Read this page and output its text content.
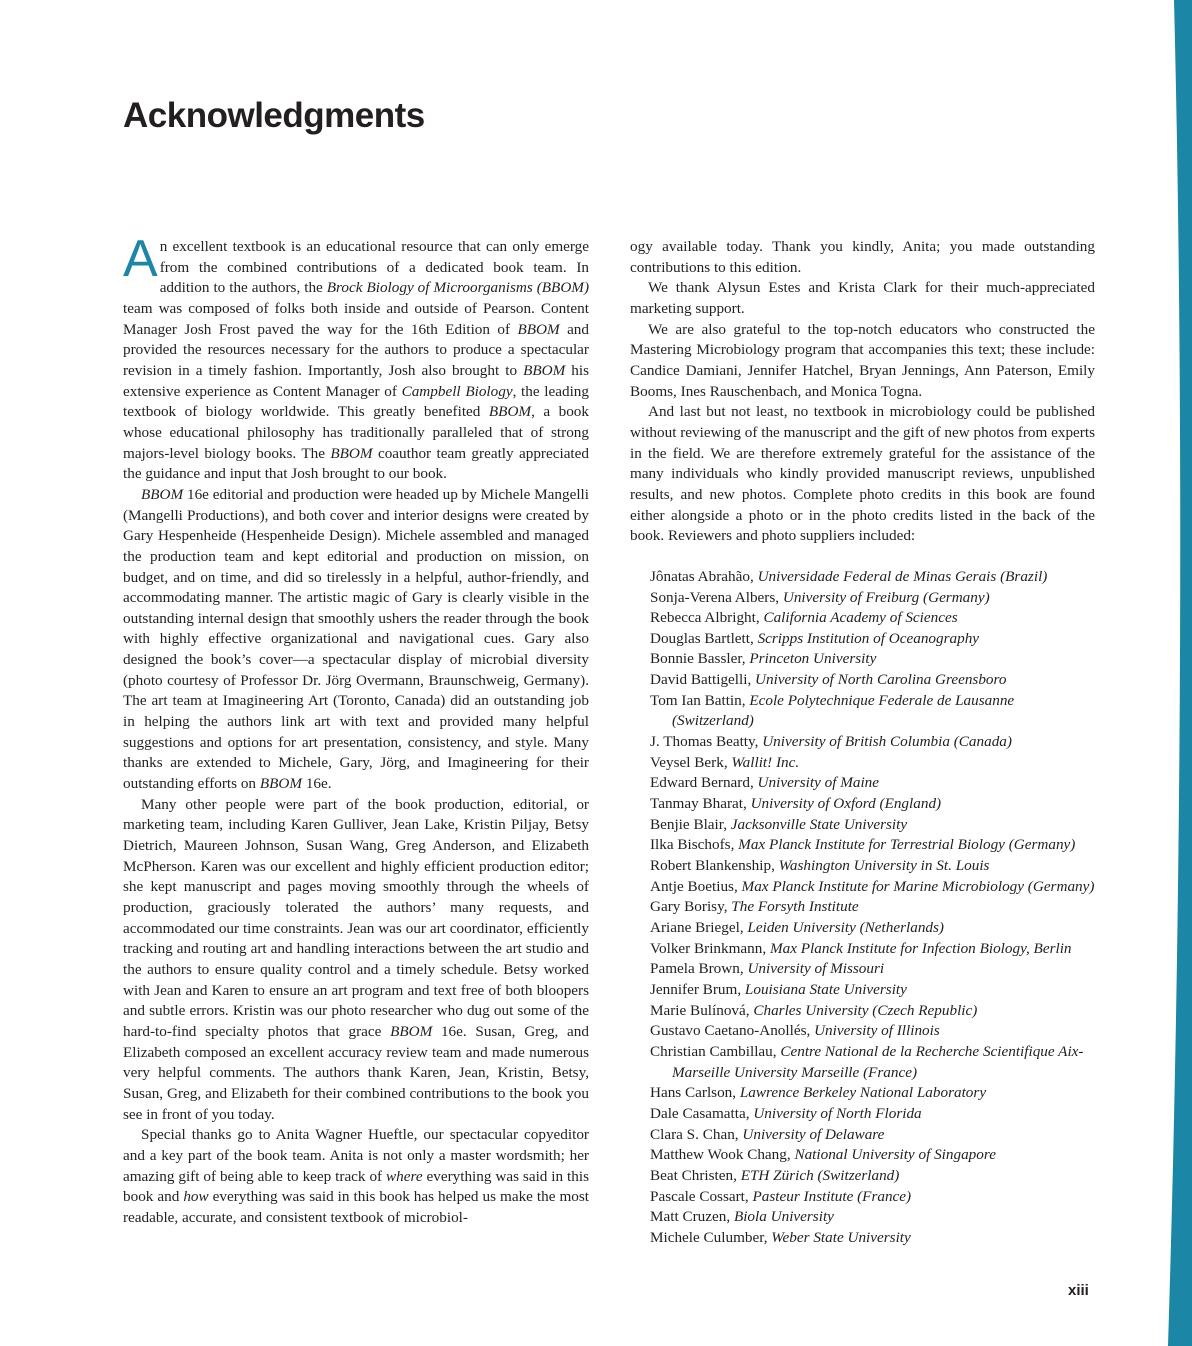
Acknowledgments

An excellent textbook is an educational resource that can only emerge from the combined contributions of a dedicated book team. In addition to the authors, the Brock Biology of Microorganisms (BBOM) team was composed of folks both inside and outside of Pearson. Content Manager Josh Frost paved the way for the 16th Edition of BBOM and provided the resources necessary for the authors to produce a spectacular revision in a timely fashion. Importantly, Josh also brought to BBOM his extensive experience as Content Manager of Campbell Biology, the leading textbook of biology worldwide. This greatly benefited BBOM, a book whose educational philosophy has traditionally paralleled that of strong majors-level biology books. The BBOM coauthor team greatly appreciated the guidance and input that Josh brought to our book.

BBOM 16e editorial and production were headed up by Michele Mangelli (Mangelli Productions), and both cover and interior designs were created by Gary Hespenheide (Hespenheide Design). Michele assembled and managed the production team and kept editorial and production on mission, on budget, and on time, and did so tirelessly in a helpful, author-friendly, and accommodating manner. The artistic magic of Gary is clearly visible in the outstanding internal design that smoothly ushers the reader through the book with highly effective organizational and navigational cues. Gary also designed the book’s cover—a spectacular display of microbial diversity (photo courtesy of Professor Dr. Jörg Overmann, Braunschweig, Germany). The art team at Imagineering Art (Toronto, Canada) did an outstanding job in helping the authors link art with text and provided many helpful suggestions and options for art presentation, consistency, and style. Many thanks are extended to Michele, Gary, Jörg, and Imagineering for their outstanding efforts on BBOM 16e.

Many other people were part of the book production, editorial, or marketing team, including Karen Gulliver, Jean Lake, Kristin Piljay, Betsy Dietrich, Maureen Johnson, Susan Wang, Greg Anderson, and Elizabeth McPherson. Karen was our excellent and highly efficient production editor; she kept manuscript and pages moving smoothly through the wheels of production, graciously tolerated the authors’ many requests, and accommodated our time constraints. Jean was our art coordinator, efficiently tracking and routing art and handling interactions between the art studio and the authors to ensure quality control and a timely schedule. Betsy worked with Jean and Karen to ensure an art program and text free of both bloopers and subtle errors. Kristin was our photo researcher who dug out some of the hard-to-find specialty photos that grace BBOM 16e. Susan, Greg, and Elizabeth composed an excellent accuracy review team and made numerous very helpful comments. The authors thank Karen, Jean, Kristin, Betsy, Susan, Greg, and Elizabeth for their combined contributions to the book you see in front of you today.

Special thanks go to Anita Wagner Hueftle, our spectacular copyeditor and a key part of the book team. Anita is not only a master wordsmith; her amazing gift of being able to keep track of where everything was said in this book and how everything was said in this book has helped us make the most readable, accurate, and consistent textbook of microbiol-

ogy available today. Thank you kindly, Anita; you made outstanding contributions to this edition.

We thank Alysun Estes and Krista Clark for their much-appreciated marketing support.

We are also grateful to the top-notch educators who constructed the Mastering Microbiology program that accompanies this text; these include: Candice Damiani, Jennifer Hatchel, Bryan Jennings, Ann Paterson, Emily Booms, Ines Rauschenbach, and Monica Togna.

And last but not least, no textbook in microbiology could be published without reviewing of the manuscript and the gift of new photos from experts in the field. We are therefore extremely grateful for the assistance of the many individuals who kindly provided manuscript reviews, unpublished results, and new photos. Complete photo credits in this book are found either alongside a photo or in the photo credits listed in the back of the book. Reviewers and photo suppliers included:

Jônatas Abrahão, Universidade Federal de Minas Gerais (Brazil)
Sonja-Verena Albers, University of Freiburg (Germany)
Rebecca Albright, California Academy of Sciences
Douglas Bartlett, Scripps Institution of Oceanography
Bonnie Bassler, Princeton University
David Battigelli, University of North Carolina Greensboro
Tom Ian Battin, Ecole Polytechnique Federale de Lausanne (Switzerland)
J. Thomas Beatty, University of British Columbia (Canada)
Veysel Berk, Wallit! Inc.
Edward Bernard, University of Maine
Tanmay Bharat, University of Oxford (England)
Benjie Blair, Jacksonville State University
Ilka Bischofs, Max Planck Institute for Terrestrial Biology (Germany)
Robert Blankenship, Washington University in St. Louis
Antje Boetius, Max Planck Institute for Marine Microbiology (Germany)
Gary Borisy, The Forsyth Institute
Ariane Briegel, Leiden University (Netherlands)
Volker Brinkmann, Max Planck Institute for Infection Biology, Berlin
Pamela Brown, University of Missouri
Jennifer Brum, Louisiana State University
Marie Bulínová, Charles University (Czech Republic)
Gustavo Caetano-Anollés, University of Illinois
Christian Cambillau, Centre National de la Recherche Scientifique Aix-Marseille University Marseille (France)
Hans Carlson, Lawrence Berkeley National Laboratory
Dale Casamatta, University of North Florida
Clara S. Chan, University of Delaware
Matthew Wook Chang, National University of Singapore
Beat Christen, ETH Zürich (Switzerland)
Pascale Cossart, Pasteur Institute (France)
Matt Cruzen, Biola University
Michele Culumber, Weber State University
xiii
